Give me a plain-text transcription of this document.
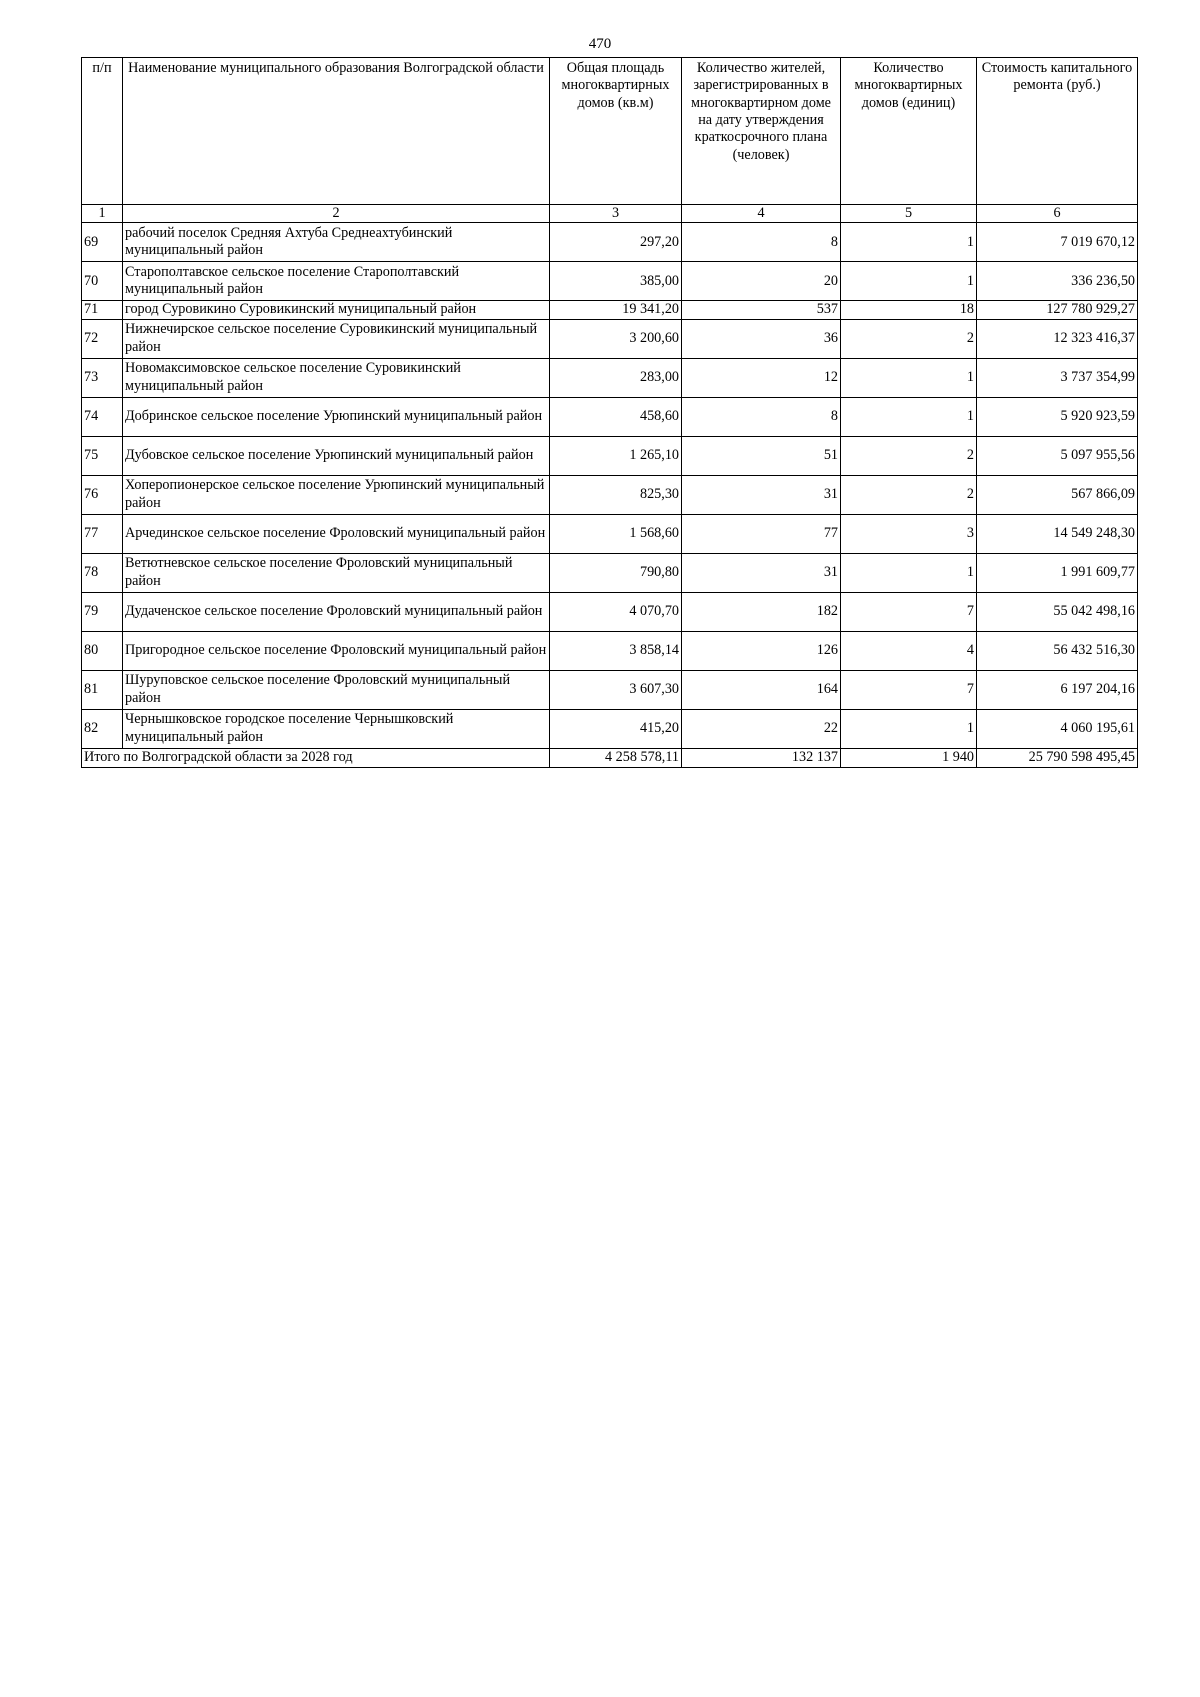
470
п/п	Наименование муниципального образования Волгоградской области	Общая площадь многоквартирных домов (кв.м)	Количество жителей, зарегистрированных в многоквартирном доме на дату утверждения краткосрочного плана (человек)	Количество многоквартирных домов (единиц)	Стоимость капитального ремонта (руб.)
1	2	3	4	5	6
69	рабочий поселок Средняя Ахтуба Среднеахтубинский муниципальный район	297,20	8	1	7 019 670,12
70	Старополтавское сельское поселение Старополтавский муниципальный район	385,00	20	1	336 236,50
71	город Суровикино Суровикинский муниципальный район	19 341,20	537	18	127 780 929,27
72	Нижнечирское сельское поселение Суровикинский муниципальный район	3 200,60	36	2	12 323 416,37
73	Новомаксимовское сельское поселение Суровикинский муниципальный район	283,00	12	1	3 737 354,99
74	Добринское сельское поселение Урюпинский муниципальный район	458,60	8	1	5 920 923,59
75	Дубовское сельское поселение Урюпинский муниципальный район	1 265,10	51	2	5 097 955,56
76	Хоперопионерское сельское поселение Урюпинский муниципальный район	825,30	31	2	567 866,09
77	Арчединское сельское поселение Фроловский муниципальный район	1 568,60	77	3	14 549 248,30
78	Ветютневское сельское поселение Фроловский муниципальный район	790,80	31	1	1 991 609,77
79	Дудаченское сельское поселение Фроловский муниципальный район	4 070,70	182	7	55 042 498,16
80	Пригородное сельское поселение Фроловский муниципальный район	3 858,14	126	4	56 432 516,30
81	Шуруповское сельское поселение Фроловский муниципальный район	3 607,30	164	7	6 197 204,16
82	Чернышковское городское поселение Чернышковский муниципальный район	415,20	22	1	4 060 195,61
Итого по Волгоградской области за 2028 год		4 258 578,11	132 137	1 940	25 790 598 495,45
